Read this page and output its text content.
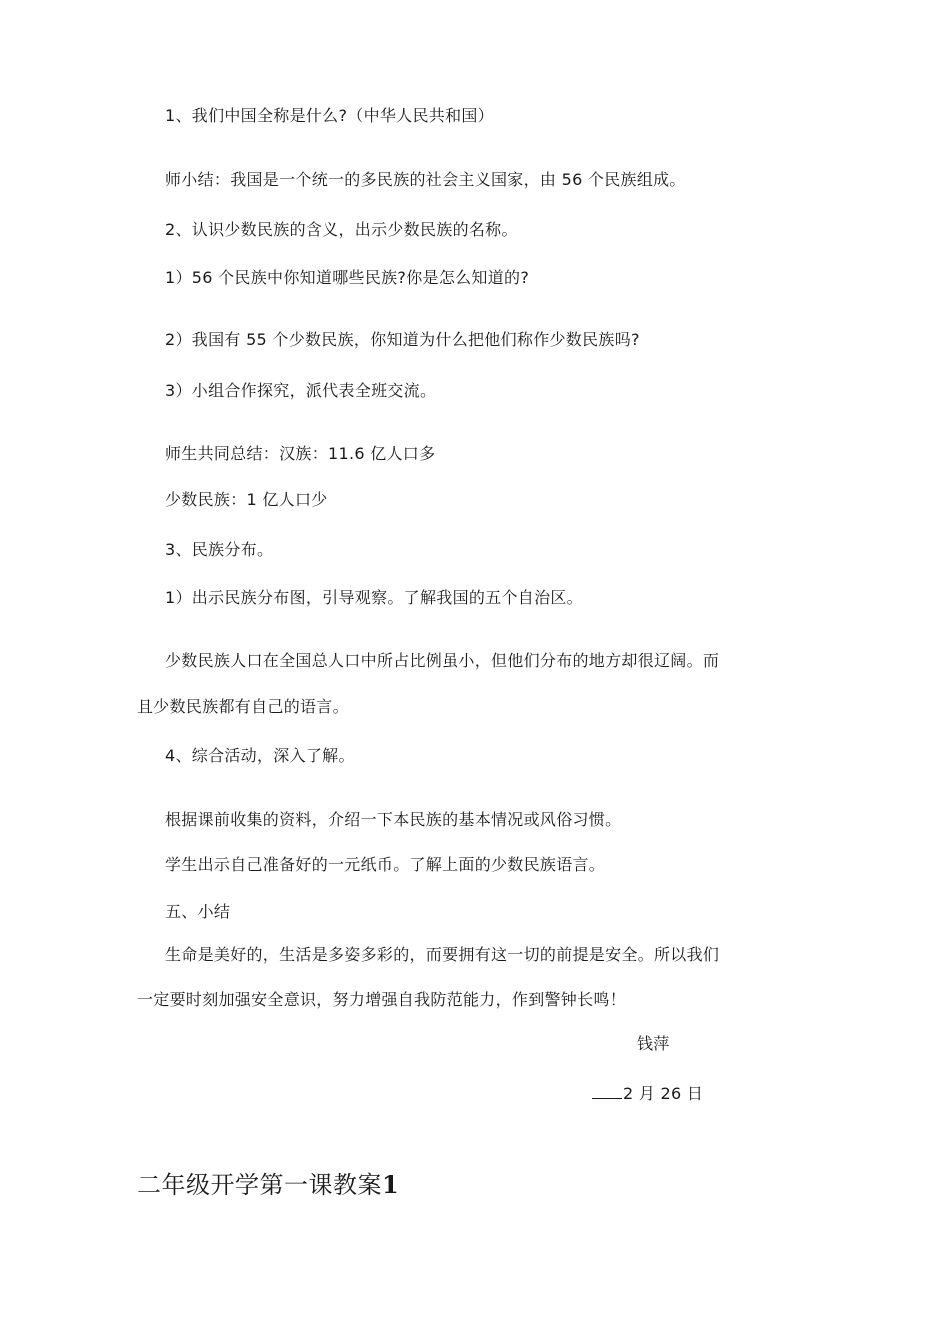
1、我们中国全称是什么?（中华人民共和国）
师小结：我国是一个统一的多民族的社会主义国家，由 56 个民族组成。
2、认识少数民族的含义，出示少数民族的名称。
1）56 个民族中你知道哪些民族?你是怎么知道的?
2）我国有 55 个少数民族，你知道为什么把他们称作少数民族吗?
3）小组合作探究，派代表全班交流。
师生共同总结：汉族：11.6 亿人口多
少数民族：1 亿人口少
3、民族分布。
1）出示民族分布图，引导观察。了解我国的五个自治区。
少数民族人口在全国总人口中所占比例虽小，但他们分布的地方却很辽阔。而
且少数民族都有自己的语言。
4、综合活动，深入了解。
根据课前收集的资料，介绍一下本民族的基本情况或风俗习惯。
学生出示自己准备好的一元纸币。了解上面的少数民族语言。
五、小结
生命是美好的，生活是多姿多彩的，而要拥有这一切的前提是安全。所以我们
一定要时刻加强安全意识，努力增强自我防范能力，作到警钟长鸣！
钱萍
2 月 26 日
二年级开学第一课教案1
